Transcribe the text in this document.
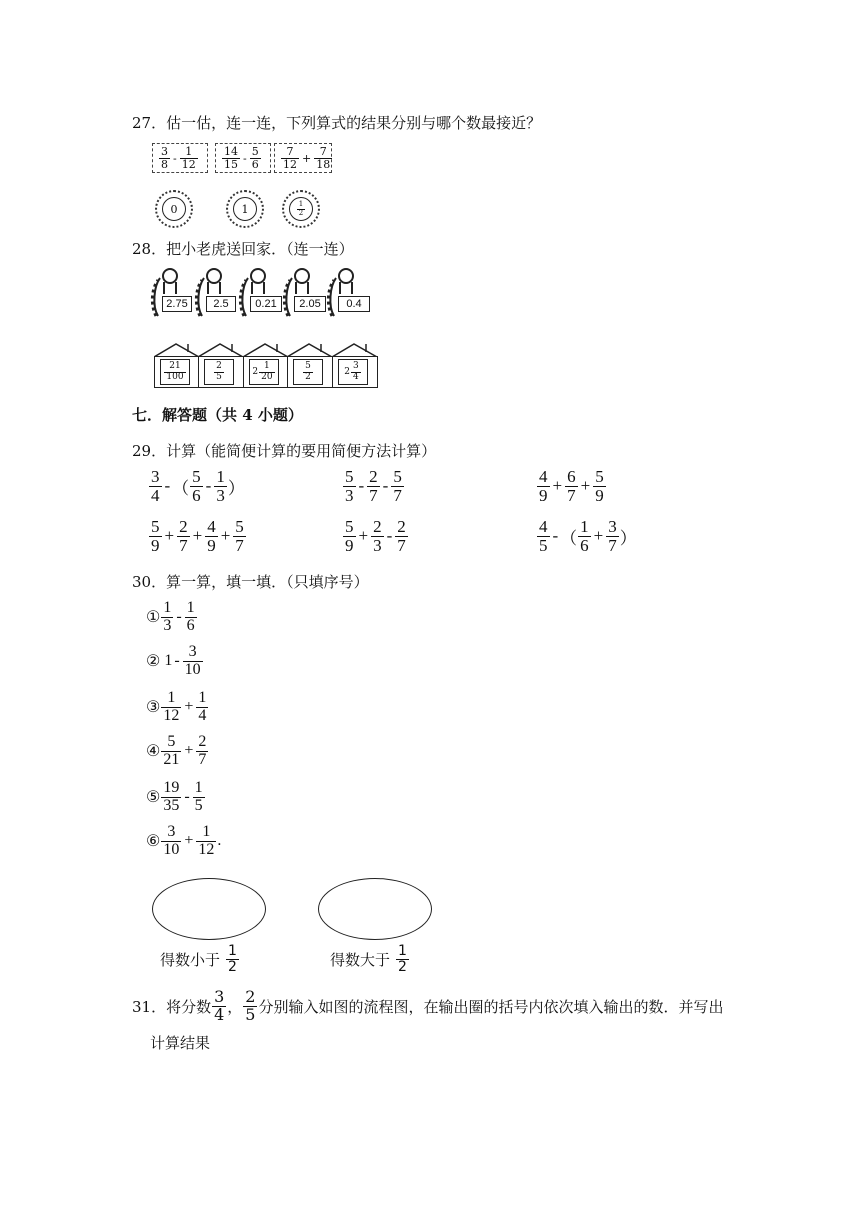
27．估一估，连一连，下列算式的结果分别与哪个数最接近？
$\frac{3}{8} - \frac{1}{12} \frac{14}{15} - \frac{5}{6} \frac{7}{12} + \frac{7}{18}$
0	1	$\frac{1}{2}$
28．把小老虎送回家．（连一连）
2.75	2.5	0.21	2.05	0.4
$\frac{21}{100}$	$\frac{2}{5}$	$2 \frac{1}{20}$	$\frac{5}{2}$	$2 \frac{3}{4}$
七．解答题（共 4 小题）
29．计算（能简便计算的要用简便方法计算）
$\frac{3}{4}$ - （ $\frac{5}{6} - \frac{1}{3}$ ）	$\frac{5}{3} - \frac{2}{7} - \frac{5}{7}$	$\frac{4}{9} + \frac{6}{7} + \frac{5}{9}$
$\frac{5}{9} + \frac{2}{7} + \frac{4}{9} + \frac{5}{7}$	$\frac{5}{9} + \frac{2}{3} - \frac{2}{7}$	$\frac{4}{5}$ - （ $\frac{1}{6} + \frac{3}{7}$ ）
30．算一算，填一填．（只填序号）
① $\frac{1}{3} - \frac{1}{6}$
② $1 - \frac{3}{10}$
③ $\frac{1}{12} + \frac{1}{4}$
④ $\frac{5}{21} + \frac{2}{7}$
⑤ $\frac{19}{35} - \frac{1}{5}$
⑥ $\frac{3}{10} + \frac{1}{12}$ .
得数小于 $\frac{1}{2}$	得数大于 $\frac{1}{2}$
31．将分数 $\frac{3}{4}$ ， $\frac{2}{5}$ 分别输入如图的流程图，在输出圈的括号内依次填入输出的数．并写出
计算结果
